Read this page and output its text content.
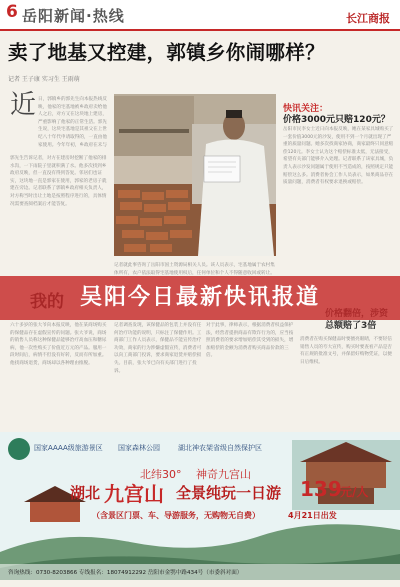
6 岳阳新闻·热线	长江商报
卖了地基又控建，郭镇乡你闹哪样？
记者 王子康 实习生 王雨萌
近 日，郭镇乡的郭先生向本报热线反映，他家的宅基地被乡政府卖给他人之后，对方又在这块地上建房，严重影响了他家的正常生活。郭先生说，这块宅基地是其祖父在上世纪八十年代申请取得的，一直由他家使用。今年年初，乡政府在未与
郭先生告诉记者，对方在建房时挖断了他家的排水沟，一下雨院子里就积满了水。他多次找到乡政府反映，但一直没有得到答复。邻居们也证实，这块地一直是郭家在使用，郭家的老房子就建在旁边。记者联系了郭镇乡政府相关负责人，对方称当时出让土地是按照程序进行的，具体情况需要查阅档案后才能答复。
记者就此事咨询了岳阳市国土资源局相关人员。该人员表示，宅基地属于农村集体所有，农户依法取得宅基地使用权后，任何单位和个人不得随意收回或转让。
快讯关注：
价格3000元只赔120元？
岳阳市民李女士近日向本报反映，她在某家具城购买了一套价值3000元的沙发，使用不到一个月就出现了严重的质量问题。她多次找商家协商，商家最终只同意赔偿120元。李女士认为这个赔偿标准太低，无法接受，希望有关部门能够介入处理。记者联系了该家具城，负责人表示沙发问题属于使用不当造成的，按照规定只能赔偿这么多。消费者协会工作人员表示，如果商品存在质量问题，消费者有权要求退换或赔偿。
六十多岁的张大爷向本报反映，他在某商场购买的保健品存在虚假宣传的问题。张大爷说，商场的销售人员称这种保健品能够治疗高血压和糖尿病，他一次性购买了价值近万元的产品。服用一段时间后，病情不但没有好转，反而有所加重。他找商场退货，商场却以各种理由推脱。
记者调查发现，该保健品的包装上并没有任何治疗功能的说明，只标注了保健作用。工商部门工作人员表示，保健品不能宣传治疗功效，商家的行为涉嫌虚假宣传，消费者可以向工商部门投诉，要求商家退货并赔偿损失。目前，张大爷已向有关部门进行了投诉。
对于此事，律师表示，根据消费者权益保护法，经营者提供商品有欺诈行为的，应当按照消费者的要求增加赔偿其受到的损失，增加赔偿的金额为消费者购买商品价款的三倍。
总额赔了3倍
消费者在购买保健品时要擅亮眼睛，不要轻信销售人员的夸大宣传，购买时要查看产品是否有正规的批准文号，并保留好购物凭证，以便日后维权。
吴阳今日最新快讯报道
国家AAAA级旅游景区 国家森林公园	湖北神农架省级自然保护区
北纬30° 神奇九宫山
湖北 九宫山 全景纯玩一日游 139
元/人
（含景区门票、车、导游服务，无购物无自费）	4月21日出发
咨询热线：0730-8203866 专线报名：18074912292 岳阳市金鹗中路434号（市委斜对面）
